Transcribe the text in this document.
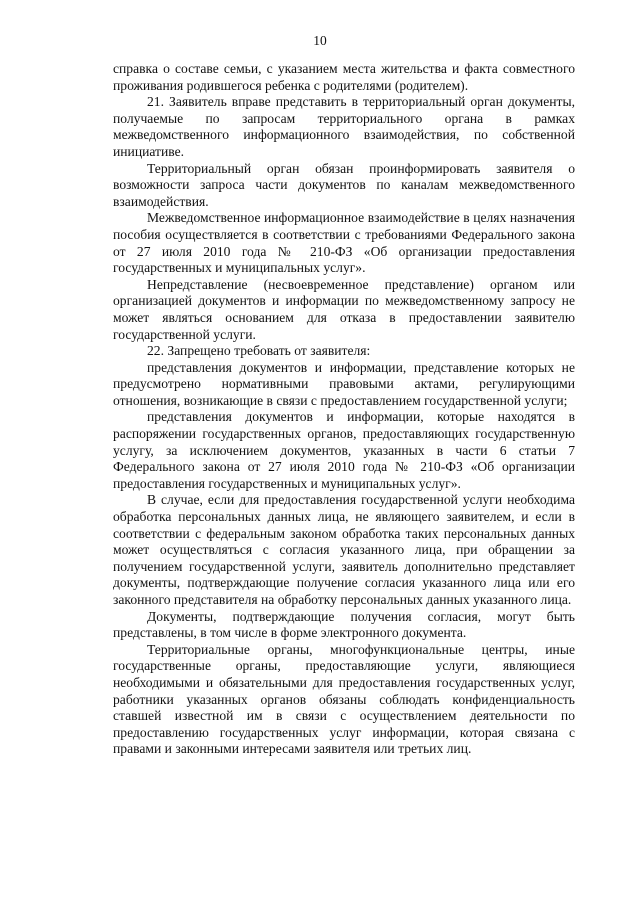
10

справка о составе семьи, с указанием места жительства и факта совместного проживания родившегося ребенка с родителями (родителем).

21. Заявитель вправе представить в территориальный орган документы, получаемые по запросам территориального органа в рамках межведомственного информационного взаимодействия, по собственной инициативе.

Территориальный орган обязан проинформировать заявителя о возможности запроса части документов по каналам межведомственного взаимодействия.

Межведомственное информационное взаимодействие в целях назначения пособия осуществляется в соответствии с требованиями Федерального закона от 27 июля 2010 года № 210-ФЗ «Об организации предоставления государственных и муниципальных услуг».

Непредставление (несвоевременное представление) органом или организацией документов и информации по межведомственному запросу не может являться основанием для отказа в предоставлении заявителю государственной услуги.

22. Запрещено требовать от заявителя:

представления документов и информации, представление которых не предусмотрено нормативными правовыми актами, регулирующими отношения, возникающие в связи с предоставлением государственной услуги;

представления документов и информации, которые находятся в распоряжении государственных органов, предоставляющих государственную услугу, за исключением документов, указанных в части 6 статьи 7 Федерального закона от 27 июля 2010 года № 210-ФЗ «Об организации предоставления государственных и муниципальных услуг».

В случае, если для предоставления государственной услуги необходима обработка персональных данных лица, не являющего заявителем, и если в соответствии с федеральным законом обработка таких персональных данных может осуществляться с согласия указанного лица, при обращении за получением государственной услуги, заявитель дополнительно представляет документы, подтверждающие получение согласия указанного лица или его законного представителя на обработку персональных данных указанного лица.

Документы, подтверждающие получения согласия, могут быть представлены, в том числе в форме электронного документа.

Территориальные органы, многофункциональные центры, иные государственные органы, предоставляющие услуги, являющиеся необходимыми и обязательными для предоставления государственных услуг, работники указанных органов обязаны соблюдать конфиденциальность ставшей известной им в связи с осуществлением деятельности по предоставлению государственных услуг информации, которая связана с правами и законными интересами заявителя или третьих лиц.
